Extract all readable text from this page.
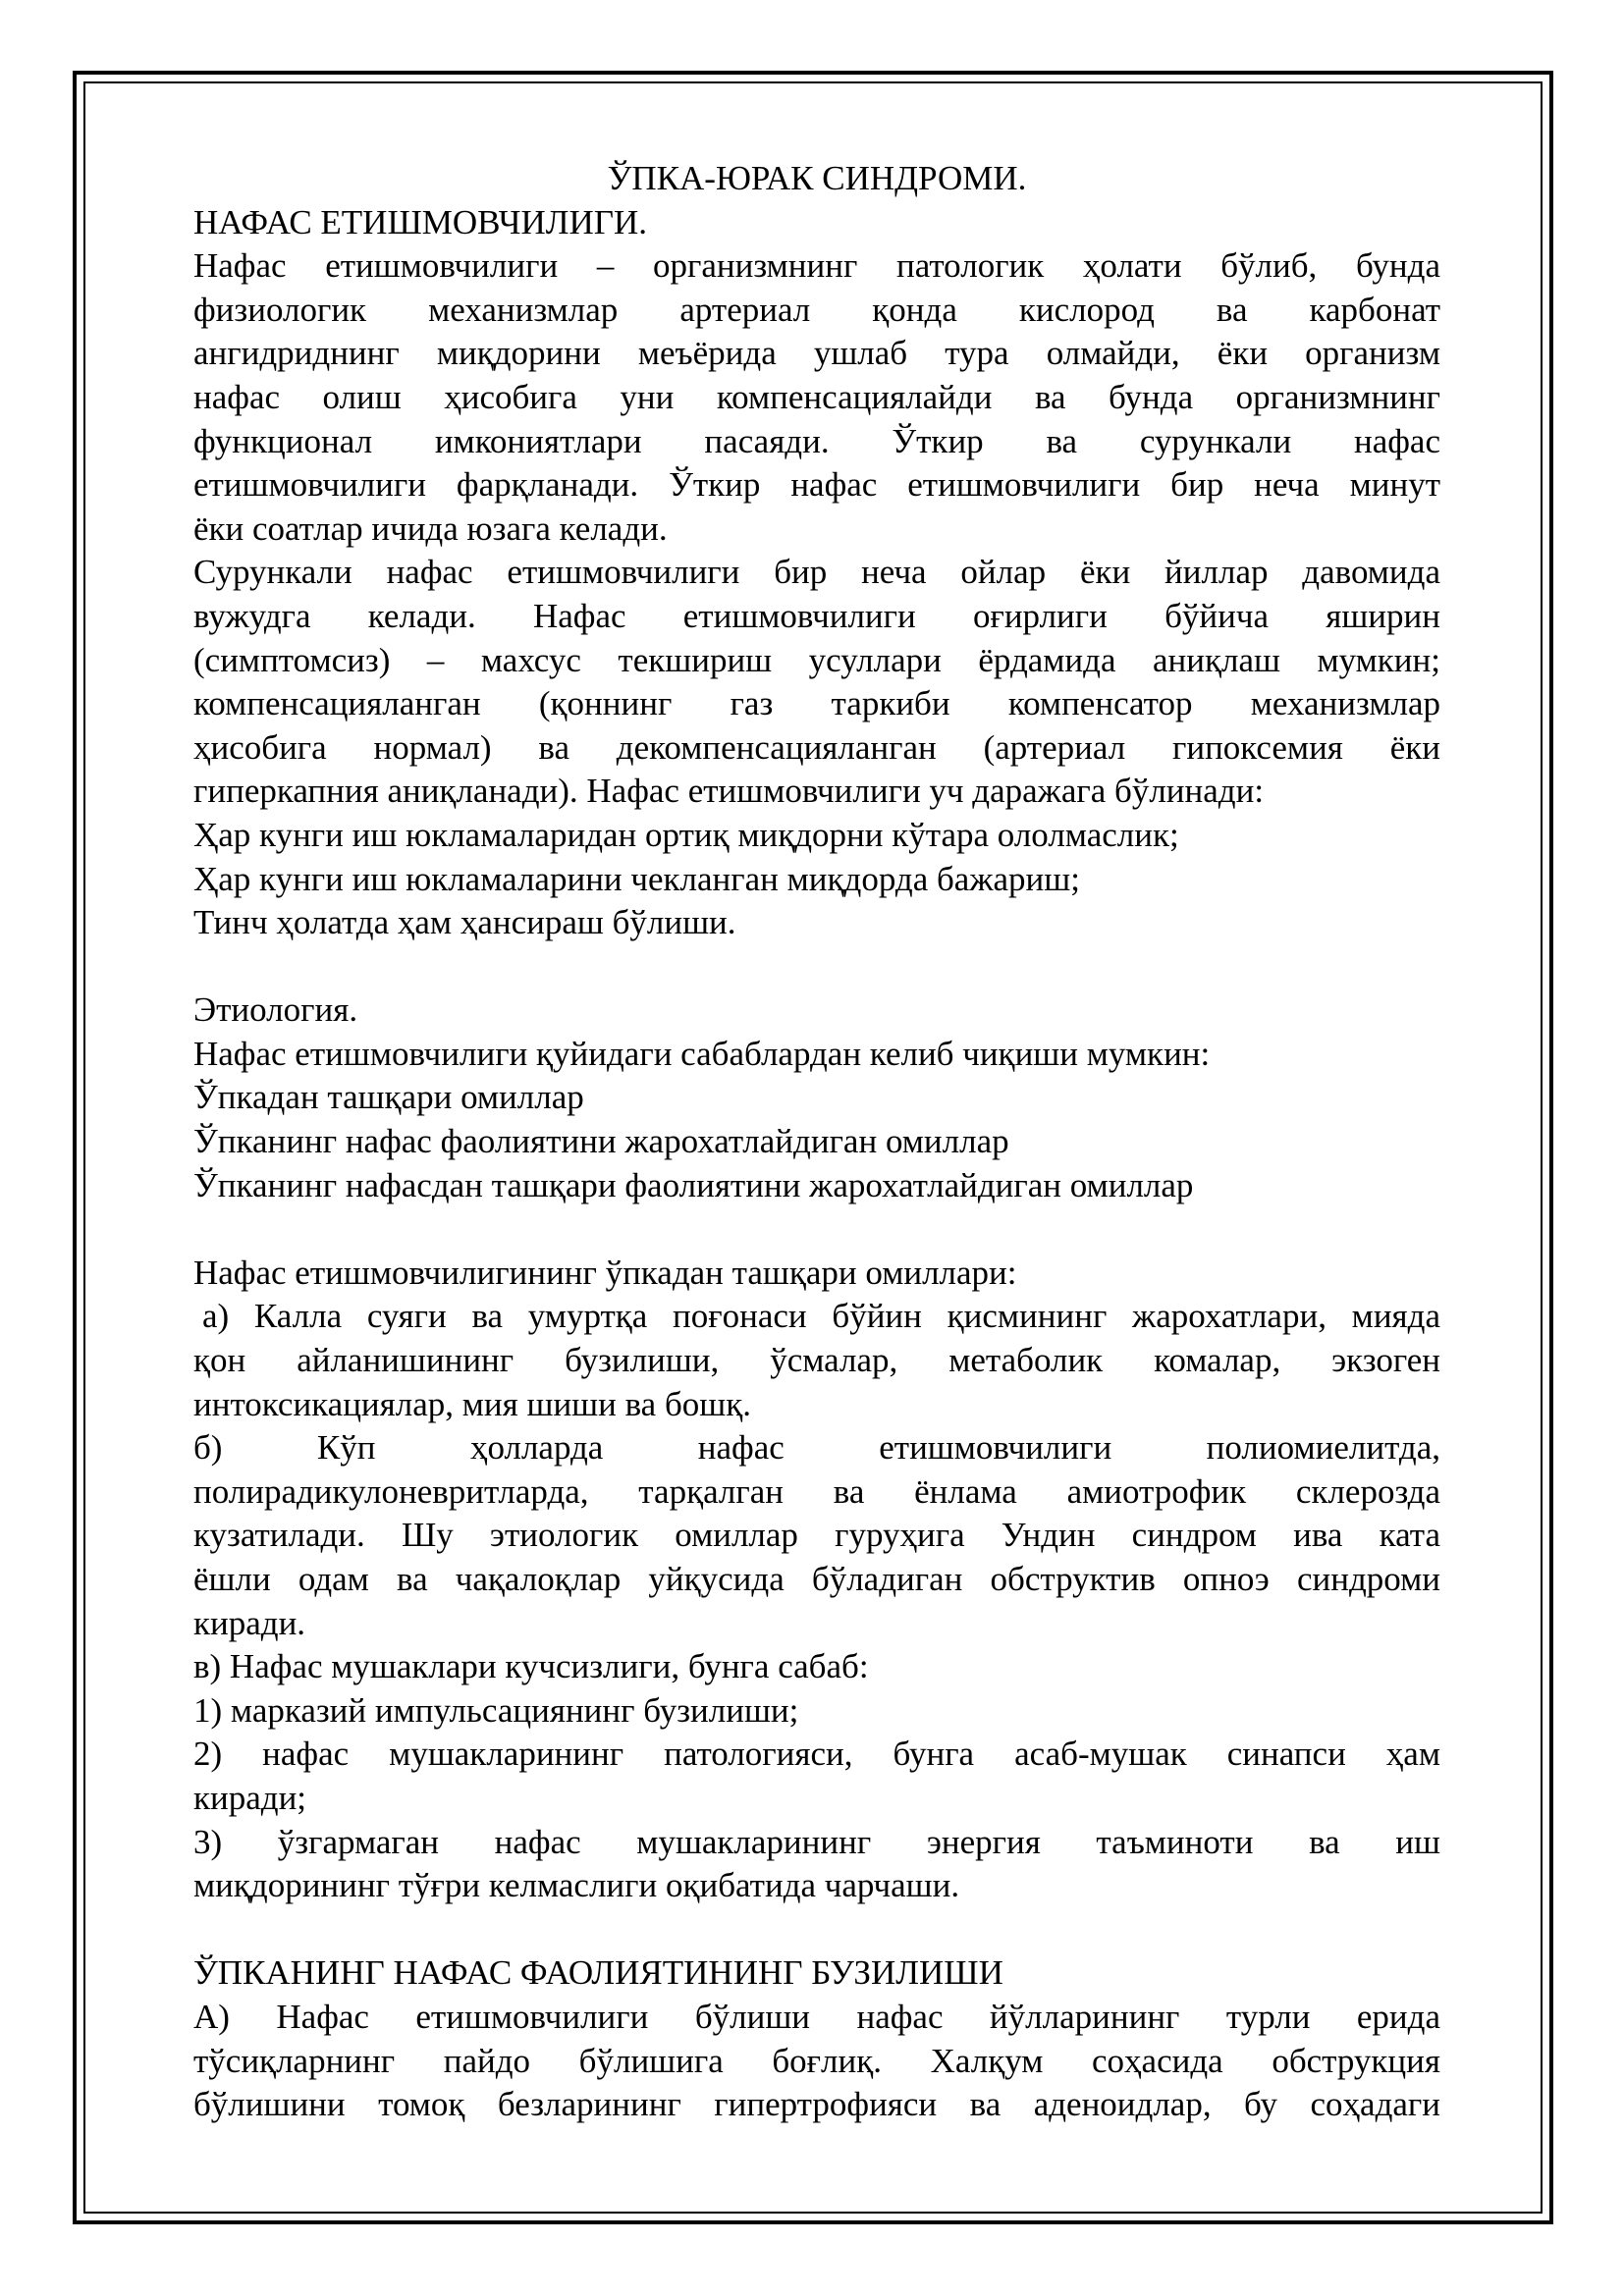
ЎПКА-ЮРАК СИНДРОМИ.
НАФАС ЕТИШМОВЧИЛИГИ.
Нафас етишмовчилиги – организмнинг патологик ҳолати бўлиб, бунда
физиологик механизмлар артериал қонда кислород ва карбонат
ангидриднинг миқдорини меъёрида ушлаб тура олмайди, ёки организм
нафас олиш ҳисобига уни компенсациялайди ва бунда организмнинг
функционал имкониятлари пасаяди. Ўткир ва сурункали нафас
етишмовчилиги фарқланади. Ўткир нафас етишмовчилиги бир неча минут
ёки соатлар ичида юзага келади.
Сурункали нафас етишмовчилиги бир неча ойлар ёки йиллар давомида
вужудга келади. Нафас етишмовчилиги оғирлиги бўйича яширин
(симптомсиз) – махсус текшириш усуллари ёрдамида аниқлаш мумкин;
компенсацияланган (қоннинг газ таркиби компенсатор механизмлар
ҳисобига нормал) ва декомпенсацияланган (артериал гипоксемия ёки
гиперкапния аниқланади). Нафас етишмовчилиги уч даражага бўлинади:
Ҳар кунги иш юкламаларидан ортиқ миқдорни кўтара ололмаслик;
Ҳар кунги иш юкламаларини чекланган миқдорда бажариш;
Тинч ҳолатда ҳам ҳансираш бўлиши.
Этиология.
Нафас етишмовчилиги қуйидаги сабаблардан келиб чиқиши мумкин:
Ўпкадан ташқари омиллар
Ўпканинг нафас фаолиятини жарохатлайдиган омиллар
Ўпканинг нафасдан ташқари фаолиятини жарохатлайдиган омиллар
Нафас етишмовчилигининг ўпкадан ташқари омиллари:
а) Калла суяги ва умуртқа поғонаси бўйин қисмининг жарохатлари, мияда
қон айланишининг бузилиши, ўсмалар, метаболик комалар, экзоген
интоксикациялар, мия шиши ва бошқ.
б) Кўп ҳолларда нафас етишмовчилиги полиомиелитда,
полирадикулоневритларда, тарқалган ва ёнлама амиотрофик склерозда
кузатилади. Шу этиологик омиллар гуруҳига Ундин синдром ива ката
ёшли одам ва чақалоқлар уйқусида бўладиган обструктив опноэ синдроми
киради.
в) Нафас мушаклари кучсизлиги, бунга сабаб:
1) марказий импульсациянинг бузилиши;
2) нафас мушакларининг патологияси, бунга асаб-мушак синапси ҳам
киради;
3) ўзгармаган нафас мушакларининг энергия таъминоти ва иш
миқдорининг тўғри келмаслиги оқибатида чарчаши.
ЎПКАНИНГ НАФАС ФАОЛИЯТИНИНГ БУЗИЛИШИ
А) Нафас етишмовчилиги бўлиши нафас йўлларининг турли ерида
тўсиқларнинг пайдо бўлишига боғлиқ. Халқум соҳасида обструкция
бўлишини томоқ безларининг гипертрофияси ва аденоидлар, бу соҳадаги
